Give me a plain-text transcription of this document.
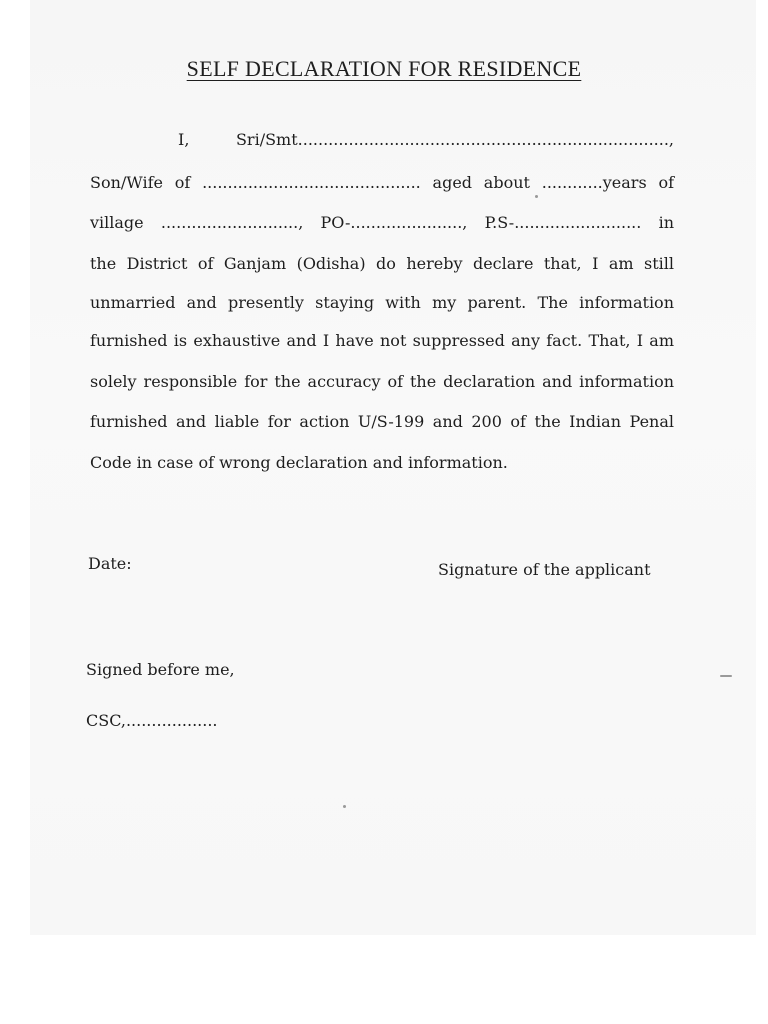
SELF DECLARATION FOR RESIDENCE
I, Sri/Smt.........................................................................,
Son/Wife of ........................................... aged about ............years of
village ..........................., PO-......................, P.S-......................... in
the District of Ganjam (Odisha) do hereby declare that, I am still
unmarried and presently staying with my parent. The information
furnished is exhaustive and I have not suppressed any fact. That, I am
solely responsible for the accuracy of the declaration and information
furnished and liable for action U/S-199 and 200 of the Indian Penal
Code in case of wrong declaration and information.
Date:	Signature of the applicant
Signed before me,
CSC,..................
